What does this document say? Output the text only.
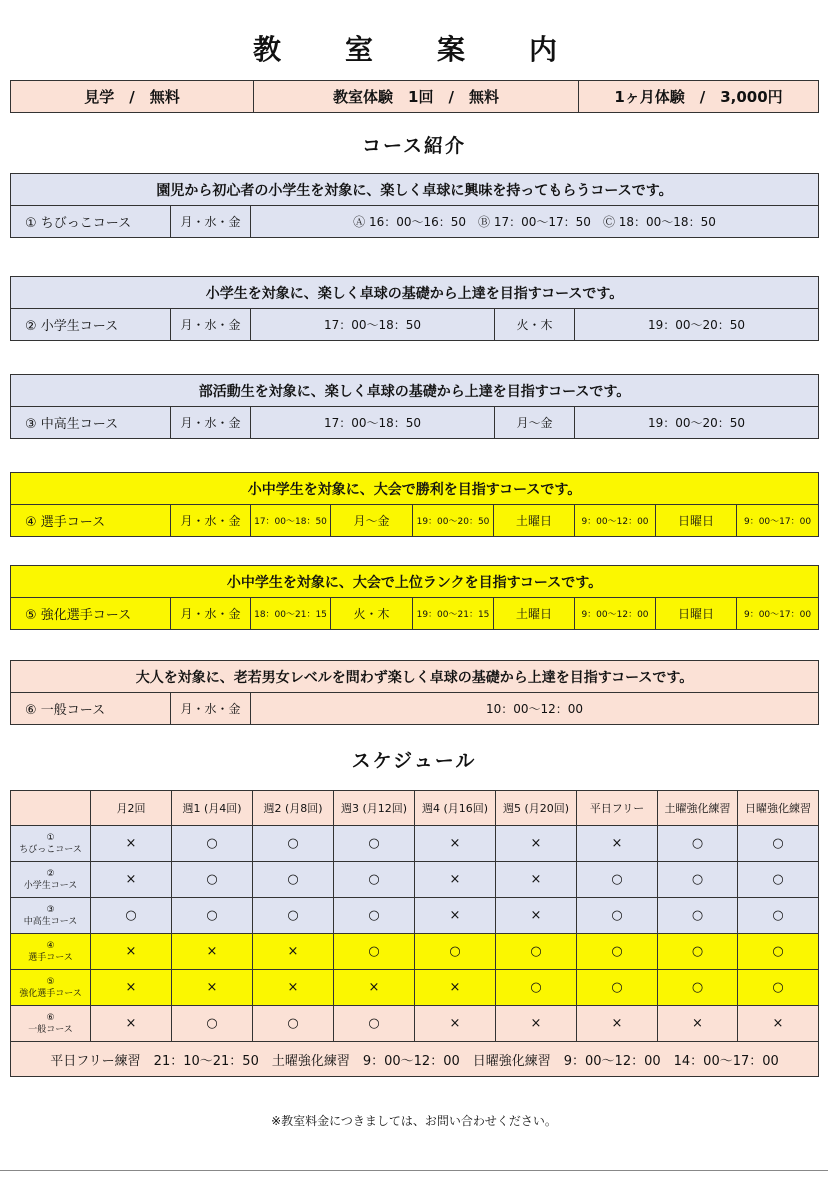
教　室　案　内
見学　/　無料	教室体験　1回　/　無料	1ヶ月体験　/　3,000円
コース紹介
園児から初心者の小学生を対象に、楽しく卓球に興味を持ってもらうコースです。
① ちびっこコース	月・水・金	Ⓐ 16：00〜16：50　Ⓑ 17：00〜17：50　Ⓒ 18：00〜18：50
小学生を対象に、楽しく卓球の基礎から上達を目指すコースです。
② 小学生コース	月・水・金	17：00〜18：50	火・木	19：00〜20：50
部活動生を対象に、楽しく卓球の基礎から上達を目指すコースです。
③ 中高生コース	月・水・金	17：00〜18：50	月〜金	19：00〜20：50
小中学生を対象に、大会で勝利を目指すコースです。
④ 選手コース	月・水・金	17：00〜18：50	月〜金	19：00〜20：50	土曜日	9：00〜12：00	日曜日	9：00〜17：00
小中学生を対象に、大会で上位ランクを目指すコースです。
⑤ 強化選手コース	月・水・金	18：00〜21：15	火・木	19：00〜21：15	土曜日	9：00〜12：00	日曜日	9：00〜17：00
大人を対象に、老若男女レベルを問わず楽しく卓球の基礎から上達を目指すコースです。
⑥ 一般コース	月・水・金	10：00〜12：00
スケジュール
	月2回	週1 (月4回)	週2 (月8回)	週3 (月12回)	週4 (月16回)	週5 (月20回)	平日フリー	土曜強化練習	日曜強化練習

①
ちびっこコース	×	○	○	○	×	×	×	○	○

②
小学生コース	×	○	○	○	×	×	○	○	○

③
中高生コース	○	○	○	○	×	×	○	○	○

④
選手コース	×	×	×	○	○	○	○	○	○

⑤
強化選手コース	×	×	×	×	×	○	○	○	○

⑥
一般コース	×	○	○	○	×	×	×	×	×
平日フリー練習　21：10〜21：50　土曜強化練習　9：00〜12：00　日曜強化練習　9：00〜12：00　14：00〜17：00									
※教室料金につきましては、お問い合わせください。
